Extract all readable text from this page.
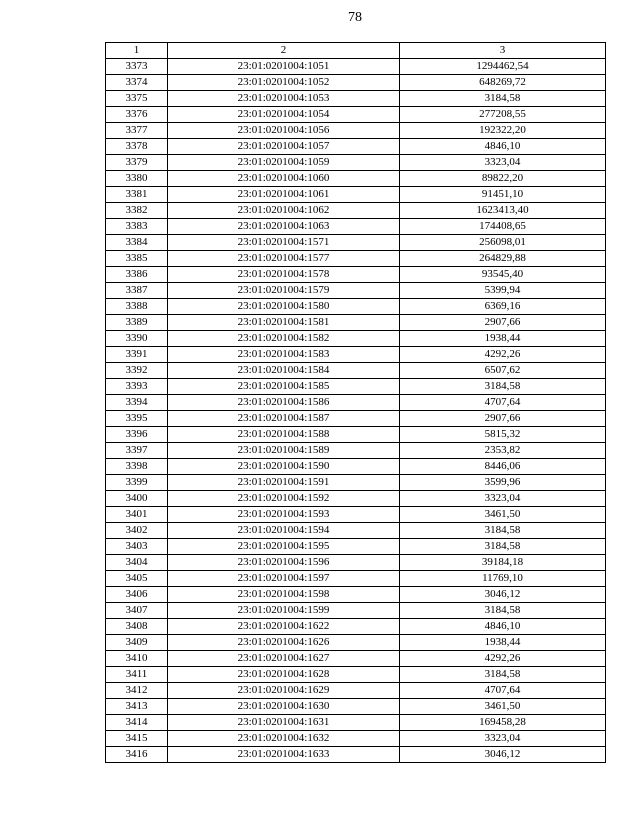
78
1	2	3
3373	23:01:0201004:1051	1294462,54
3374	23:01:0201004:1052	648269,72
3375	23:01:0201004:1053	3184,58
3376	23:01:0201004:1054	277208,55
3377	23:01:0201004:1056	192322,20
3378	23:01:0201004:1057	4846,10
3379	23:01:0201004:1059	3323,04
3380	23:01:0201004:1060	89822,20
3381	23:01:0201004:1061	91451,10
3382	23:01:0201004:1062	1623413,40
3383	23:01:0201004:1063	174408,65
3384	23:01:0201004:1571	256098,01
3385	23:01:0201004:1577	264829,88
3386	23:01:0201004:1578	93545,40
3387	23:01:0201004:1579	5399,94
3388	23:01:0201004:1580	6369,16
3389	23:01:0201004:1581	2907,66
3390	23:01:0201004:1582	1938,44
3391	23:01:0201004:1583	4292,26
3392	23:01:0201004:1584	6507,62
3393	23:01:0201004:1585	3184,58
3394	23:01:0201004:1586	4707,64
3395	23:01:0201004:1587	2907,66
3396	23:01:0201004:1588	5815,32
3397	23:01:0201004:1589	2353,82
3398	23:01:0201004:1590	8446,06
3399	23:01:0201004:1591	3599,96
3400	23:01:0201004:1592	3323,04
3401	23:01:0201004:1593	3461,50
3402	23:01:0201004:1594	3184,58
3403	23:01:0201004:1595	3184,58
3404	23:01:0201004:1596	39184,18
3405	23:01:0201004:1597	11769,10
3406	23:01:0201004:1598	3046,12
3407	23:01:0201004:1599	3184,58
3408	23:01:0201004:1622	4846,10
3409	23:01:0201004:1626	1938,44
3410	23:01:0201004:1627	4292,26
3411	23:01:0201004:1628	3184,58
3412	23:01:0201004:1629	4707,64
3413	23:01:0201004:1630	3461,50
3414	23:01:0201004:1631	169458,28
3415	23:01:0201004:1632	3323,04
3416	23:01:0201004:1633	3046,12
